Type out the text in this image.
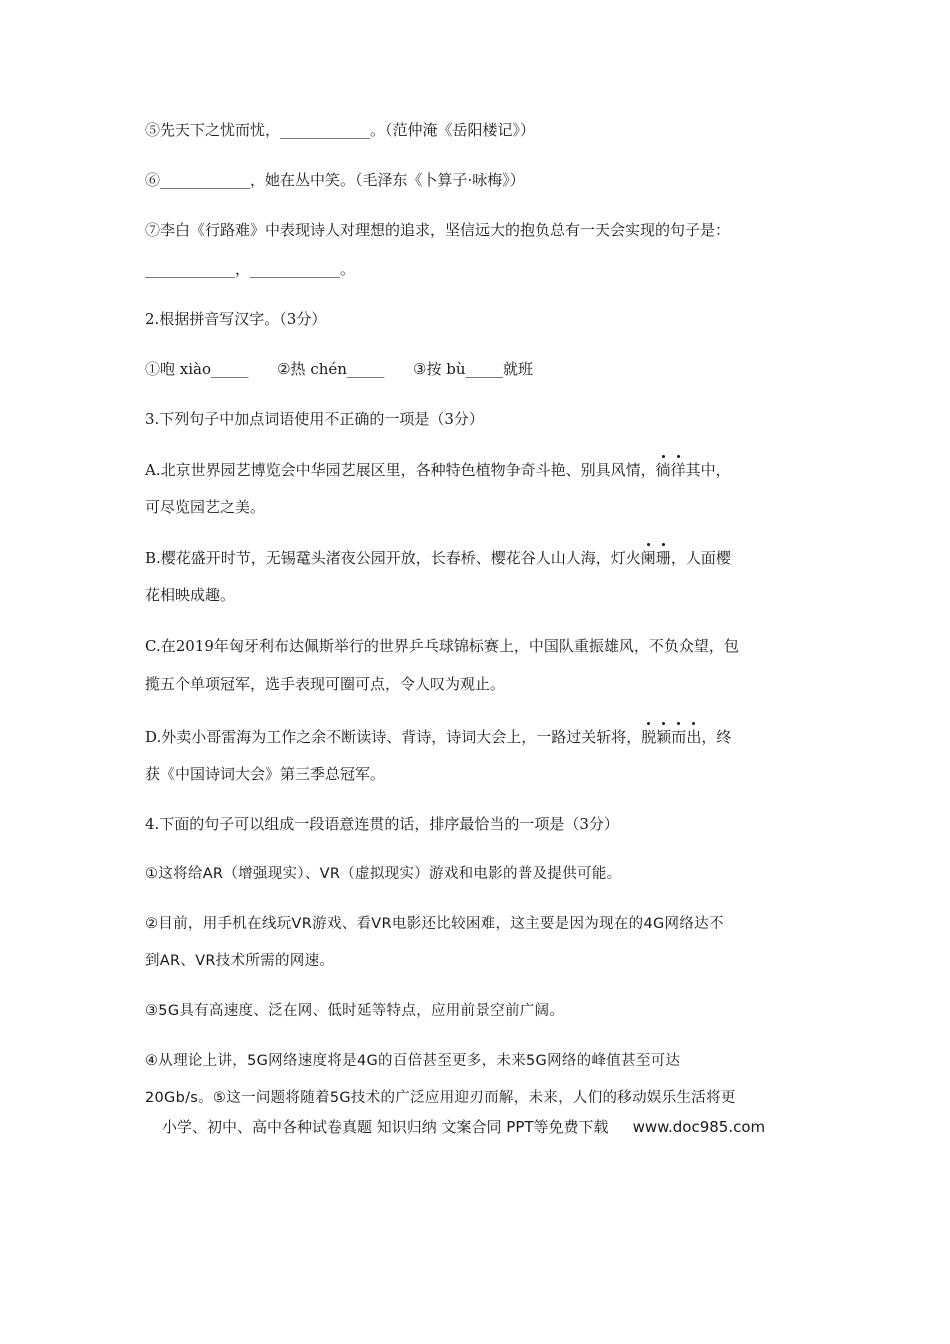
⑤先天下之忧而忧，____________。（范仲淹《岳阳楼记》）
⑥____________，她在丛中笑。（毛泽东《卜算子·咏梅》）
⑦李白《行路难》中表现诗人对理想的追求，坚信远大的抱负总有一天会实现的句子是：
____________，____________。
2.根据拼音写汉字。（3分）
①咆 xiào_____      ②热 chén_____      ③按 bù_____就班
3.下列句子中加点词语使用不正确的一项是（3分）
A.北京世界园艺博览会中华园艺展区里，各种特色植物争奇斗艳、别具风情，徜徉其中，
可尽览园艺之美。
B.樱花盛开时节，无锡鼋头渚夜公园开放，长春桥、樱花谷人山人海，灯火阑珊，人面樱
花相映成趣。
C.在2019年匈牙利布达佩斯举行的世界乒乓球锦标赛上，中国队重振雄风，不负众望，包
揽五个单项冠军，选手表现可圈可点，令人叹为观止。
D.外卖小哥雷海为工作之余不断读诗、背诗，诗词大会上，一路过关斩将，脱颖而出，终
获《中国诗词大会》第三季总冠军。
4.下面的句子可以组成一段语意连贯的话，排序最恰当的一项是（3分）
①这将给AR（增强现实）、VR（虚拟现实）游戏和电影的普及提供可能。
②目前，用手机在线玩VR游戏、看VR电影还比较困难，这主要是因为现在的4G网络达不
到AR、VR技术所需的网速。
③5G具有高速度、泛在网、低时延等特点，应用前景空前广阔。
④从理论上讲，5G网络速度将是4G的百倍甚至更多，未来5G网络的峰值甚至可达
20Gb/s。⑤这一问题将随着5G技术的广泛应用迎刃而解，未来，人们的移动娱乐生活将更
小学、初中、高中各种试卷真题 知识归纳 文案合同 PPT等免费下载 www.doc985.com
